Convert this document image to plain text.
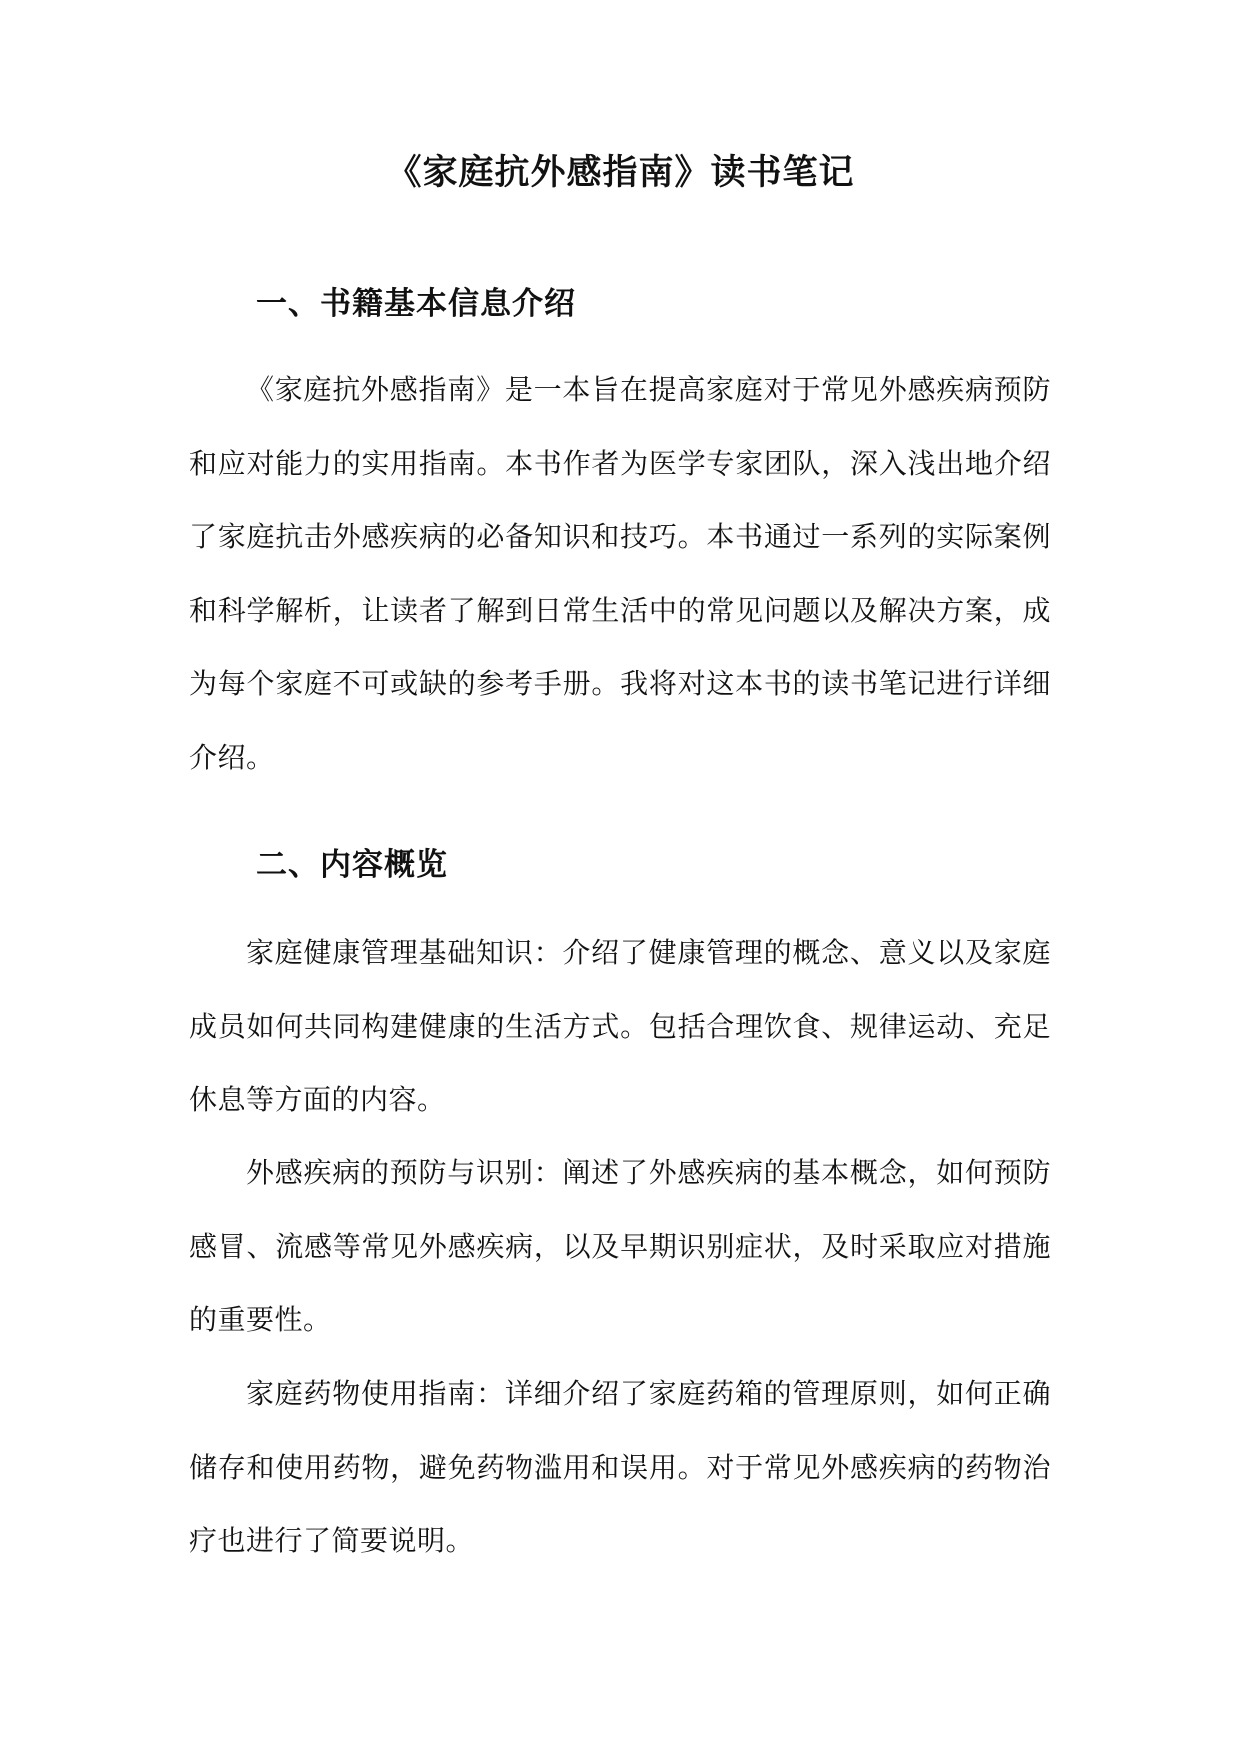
《家庭抗外感指南》读书笔记
一、书籍基本信息介绍

《家庭抗外感指南》是一本旨在提高家庭对于常见外感疾病预防和应对能力的实用指南。本书作者为医学专家团队，深入浅出地介绍了家庭抗击外感疾病的必备知识和技巧。本书通过一系列的实际案例和科学解析，让读者了解到日常生活中的常见问题以及解决方案，成为每个家庭不可或缺的参考手册。我将对这本书的读书笔记进行详细介绍。

二、内容概览

家庭健康管理基础知识：介绍了健康管理的概念、意义以及家庭成员如何共同构建健康的生活方式。包括合理饮食、规律运动、充足休息等方面的内容。

外感疾病的预防与识别：阐述了外感疾病的基本概念，如何预防感冒、流感等常见外感疾病，以及早期识别症状，及时采取应对措施的重要性。

家庭药物使用指南：详细介绍了家庭药箱的管理原则，如何正确储存和使用药物，避免药物滥用和误用。对于常见外感疾病的药物治疗也进行了简要说明。
